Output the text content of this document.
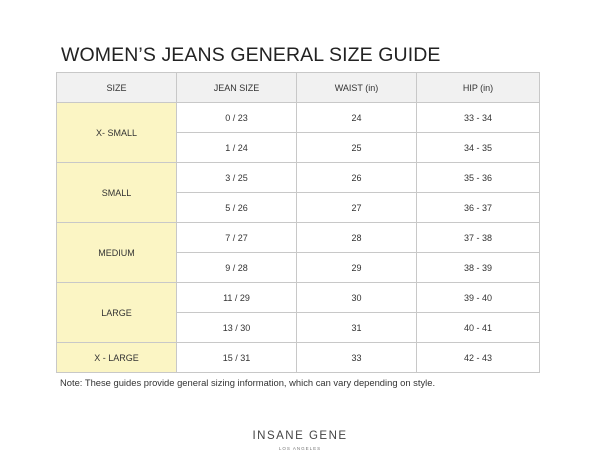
WOMEN’S JEANS GENERAL SIZE GUIDE
SIZE	JEAN SIZE	WAIST (in)	HIP (in)
X- SMALL	0 / 23	24	33 - 34
	1 / 24	25	34 - 35
SMALL	3 / 25	26	35 - 36
	5 / 26	27	36 - 37
MEDIUM	7 / 27	28	37 - 38
	9 / 28	29	38 - 39
LARGE	11 / 29	30	39 - 40
	13 / 30	31	40 - 41
X - LARGE	15 / 31	33	42 - 43

Note: These guides provide general sizing information, which can vary depending on style.

INSANE GENE
LOS ANGELES
